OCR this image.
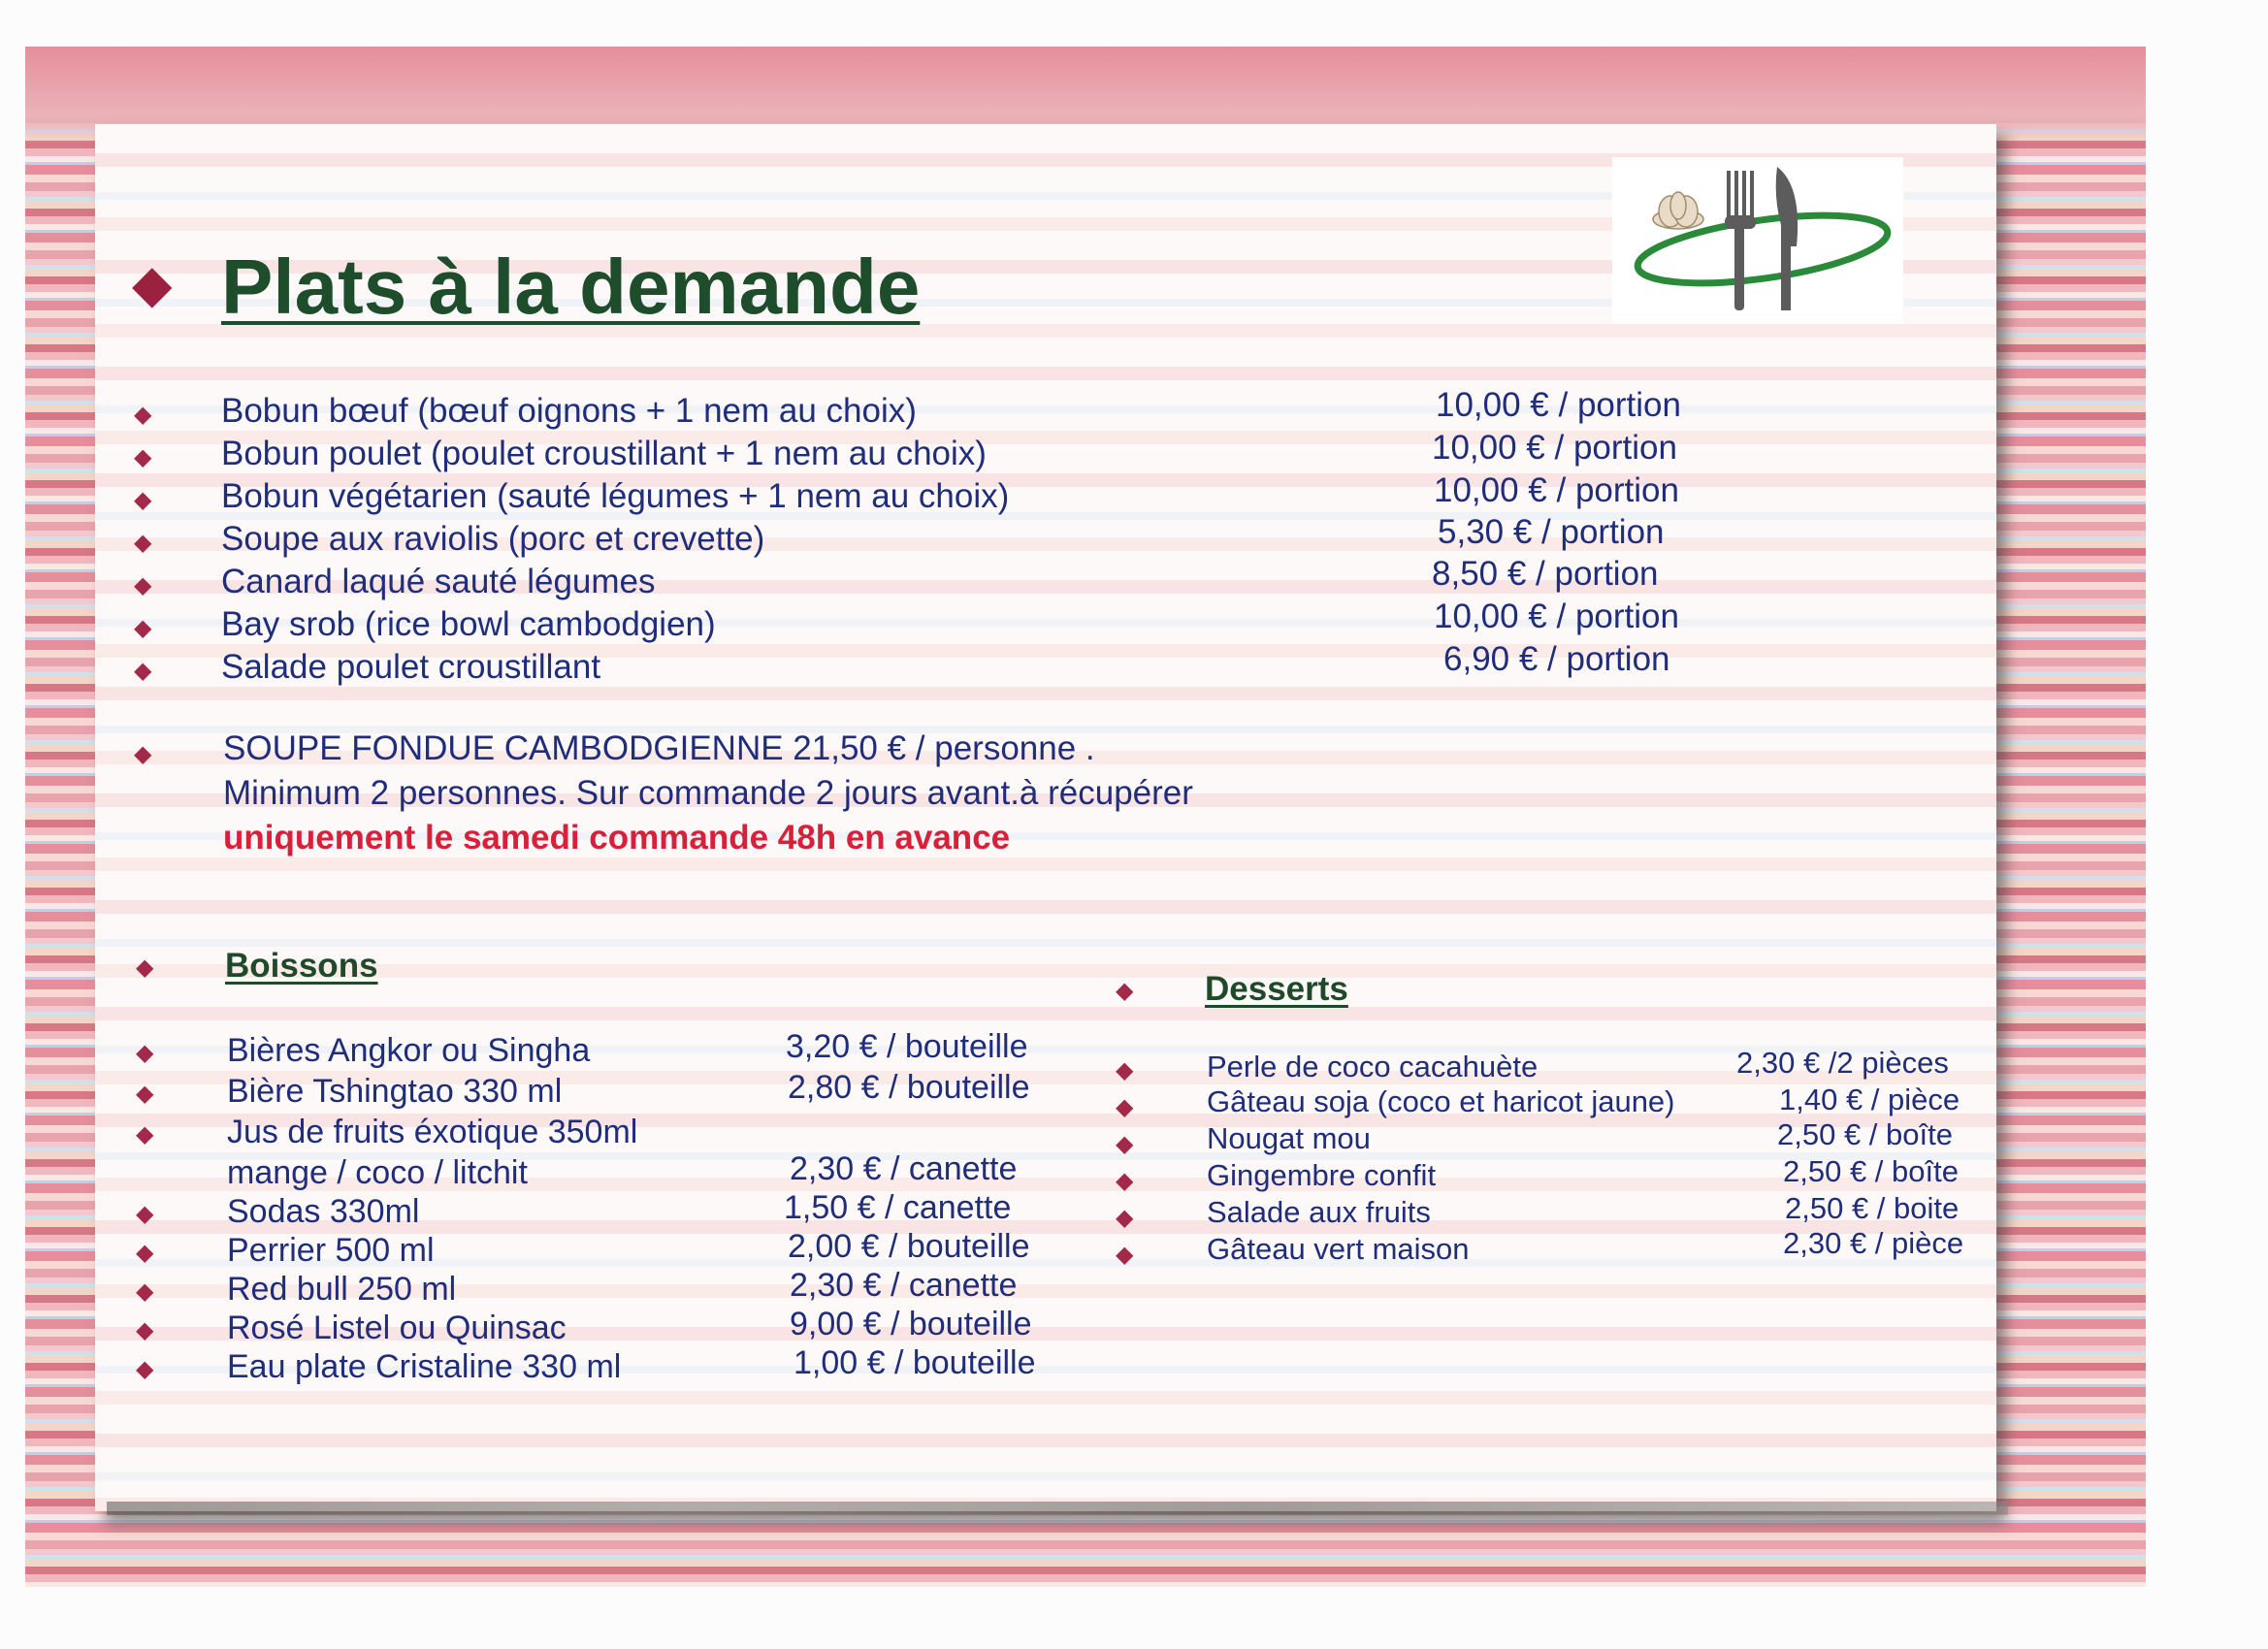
◆ Plats à la demande
◆ Bobun bœuf (bœuf oignons + 1 nem au choix)	10,00 € / portion
◆ Bobun poulet (poulet croustillant + 1 nem au choix)	10,00 € / portion
◆ Bobun végétarien (sauté légumes + 1 nem au choix)	10,00 € / portion
◆ Soupe aux raviolis (porc et crevette)	5,30 € / portion
◆ Canard laqué sauté légumes	8,50 € / portion
◆ Bay srob (rice bowl cambodgien)	10,00 € / portion
◆ Salade poulet croustillant	6,90 € / portion
◆ SOUPE FONDUE CAMBODGIENNE 21,50 € / personne .
Minimum 2 personnes. Sur commande 2 jours avant.à récupérer
uniquement le samedi commande 48h en avance
◆ Boissons
◆ Bières Angkor ou Singha	3,20 € / bouteille
◆ Bière Tshingtao 330 ml	2,80 € / bouteille
◆ Jus de fruits éxotique 350ml
mange / coco / litchit	2,30 € / canette
◆ Sodas 330ml	1,50 € / canette
◆ Perrier 500 ml	2,00 € / bouteille
◆ Red bull 250 ml	2,30 € / canette
◆ Rosé Listel ou Quinsac	9,00 € / bouteille
◆ Eau plate Cristaline 330 ml	1,00 € / bouteille
◆ Desserts
◆ Perle de coco cacahuète	2,30 € /2 pièces
◆ Gâteau soja (coco et haricot jaune)	1,40 € / pièce
◆ Nougat mou	2,50 € / boîte
◆ Gingembre confit	2,50 € / boîte
◆ Salade aux fruits	2,50 € / boite
◆ Gâteau vert maison	2,30 € / pièce
